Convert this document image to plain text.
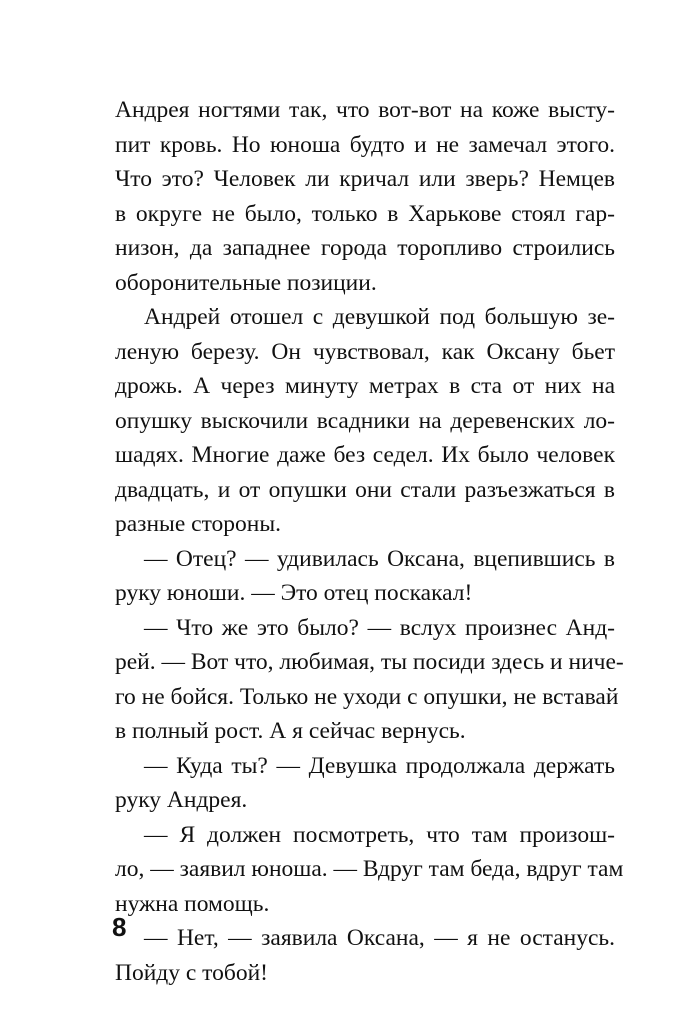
Андрея ногтями так, что вот-вот на коже высту-
пит кровь. Но юноша будто и не замечал этого.
Что это? Человек ли кричал или зверь? Немцев
в округе не было, только в Харькове стоял гар-
низон, да западнее города торопливо строились
оборонительные позиции.
Андрей отошел с девушкой под большую зе-
леную березу. Он чувствовал, как Оксану бьет
дрожь. А через минуту метрах в ста от них на
опушку выскочили всадники на деревенских ло-
шадях. Многие даже без седел. Их было человек
двадцать, и от опушки они стали разъезжаться в
разные стороны.
— Отец? — удивилась Оксана, вцепившись в
руку юноши. — Это отец поскакал!
— Что же это было? — вслух произнес Анд-
рей. — Вот что, любимая, ты посиди здесь и ниче-
го не бойся. Только не уходи с опушки, не вставай
в полный рост. А я сейчас вернусь.
— Куда ты? — Девушка продолжала держать
руку Андрея.
— Я должен посмотреть, что там произош-
ло, — заявил юноша. — Вдруг там беда, вдруг там
нужна помощь.
— Нет, — заявила Оксана, — я не останусь.
Пойду с тобой!
8
